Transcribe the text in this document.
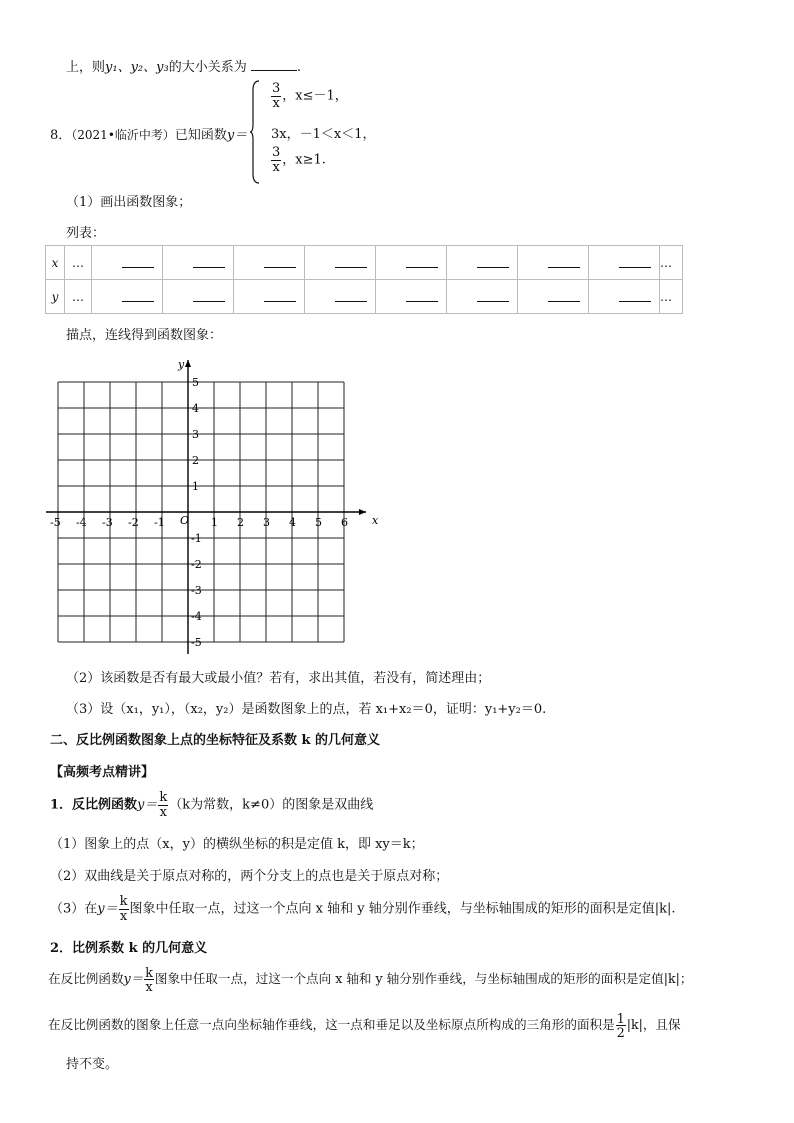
上，则y₁、y₂、y₃的大小关系为	.
8．（2021•临沂中考）已知函数y＝
$\frac{3}{x}$ ，x≤－1，
3x，－1＜x＜1，
$\frac{3}{x}$ ，x≥1.
（1）画出函数图象；
列表：
x	…									…
y	…									…
描点，连线得到函数图象：
-5 -4 -3 -2 -1	1 2 3 4 5 6
5
4
3
2
1
-1
-2
-3
-4
-5
O	x
y
（2）该函数是否有最大或最小值？若有，求出其值，若没有，简述理由；
（3）设（x₁，y₁），（x₂，y₂）是函数图象上的点，若 x₁+x₂＝0，证明：y₁+y₂＝0.
二、反比例函数图象上点的坐标特征及系数 k 的几何意义
【高频考点精讲】
1．反比例函数$y= \frac{k}{x} (k$为常数，k≠0）的图象是双曲线
（1）图象上的点（x，y）的横纵坐标的积是定值 k，即 xy＝k；
（2）双曲线是关于原点对称的，两个分支上的点也是关于原点对称；
（3）在$y= \frac{k}{x}$ 图象中任取一点，过这一个点向 x 轴和 y 轴分别作垂线，与坐标轴围成的矩形的面积是定值|k|.
2．比例系数 k 的几何意义
在反比例函数$y= \frac{k}{x}$ 图象中任取一点，过这一个点向 x 轴和 y 轴分别作垂线，与坐标轴围成的矩形的面积是定值|k|；
在反比例函数的图象上任意一点向坐标轴作垂线，这一点和垂足以及坐标原点所构成的三角形的面积是 $\frac{1}{2} |k|$，且保
持不变。
